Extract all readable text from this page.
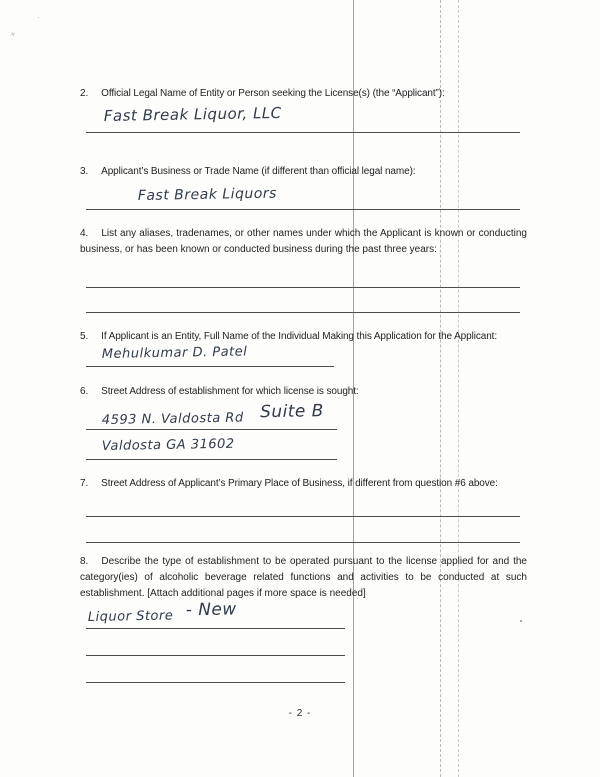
×
·
2. Official Legal Name of Entity or Person seeking the License(s) (the “Applicant”):
Fast Break Liquor, LLC
3. Applicant’s Business or Trade Name (if different than official legal name):
Fast Break Liquors
4. List any aliases, tradenames, or other names under which the Applicant is known or conducting business, or has been known or conducted business during the past three years:
5. If Applicant is an Entity, Full Name of the Individual Making this Application for the Applicant:
Mehulkumar D. Patel
6. Street Address of establishment for which license is sought:
4593 N. Valdosta Rd Suite B
Valdosta GA 31602
7. Street Address of Applicant’s Primary Place of Business, if different from question #6 above:
8. Describe the type of establishment to be operated pursuant to the license applied for and the category(ies) of alcoholic beverage related functions and activities to be conducted at such establishment. [Attach additional pages if more space is needed]
Liquor Store - New
- 2 -
